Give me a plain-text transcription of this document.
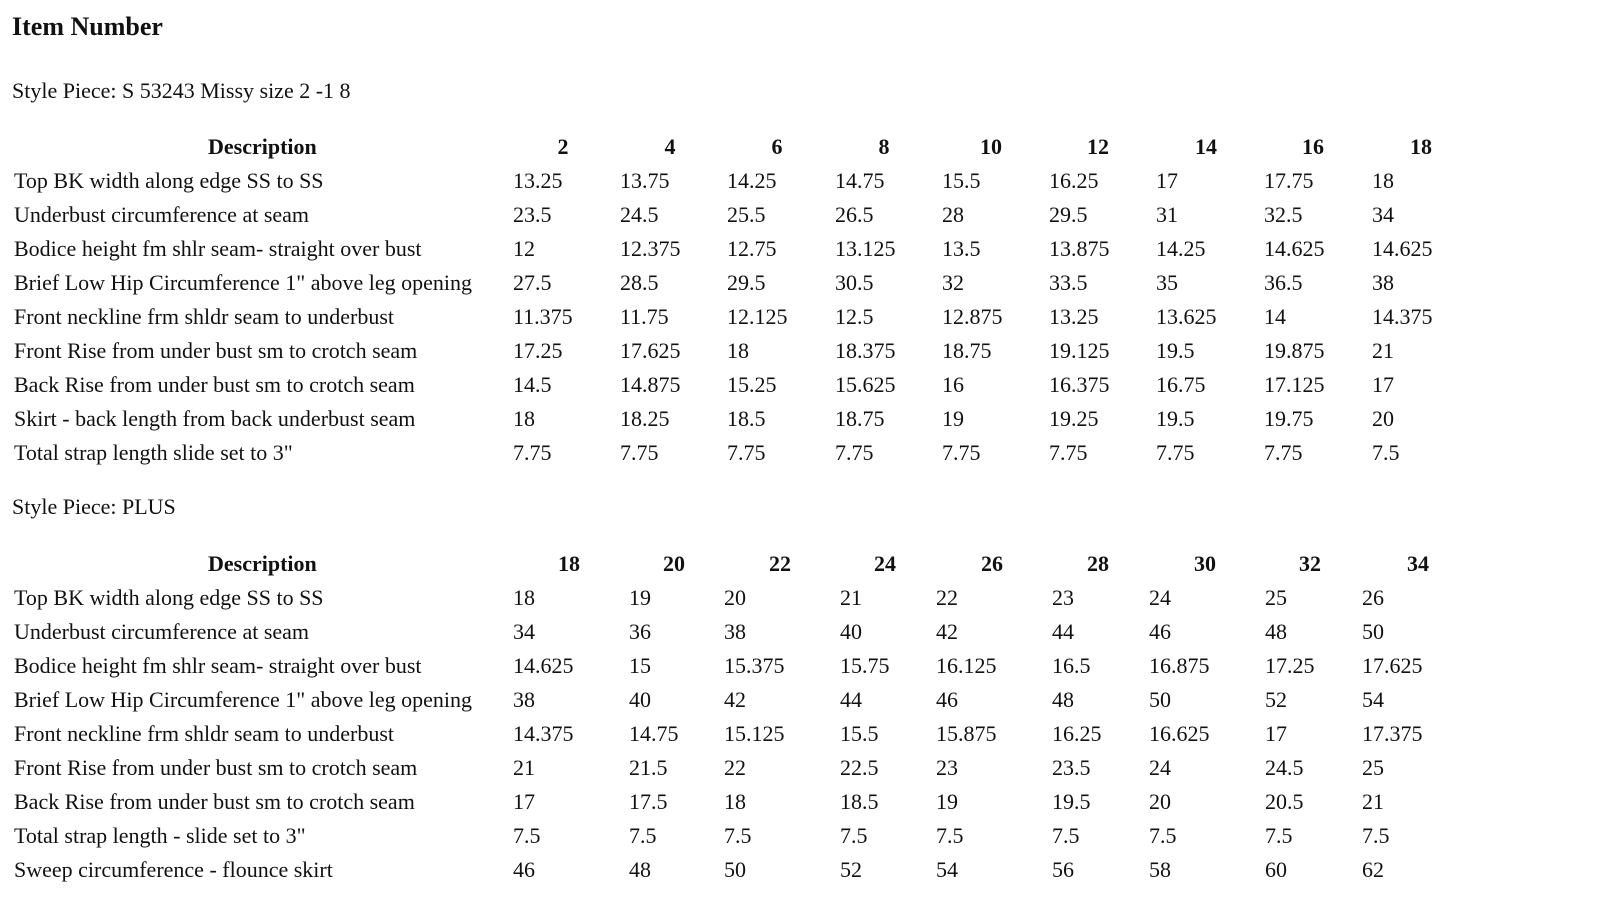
Item Number
Style Piece: S 53243 Missy size 2 -1 8
Description	2	4	6	8	10	12	14	16	18
Top BK width along edge SS to SS	13.25	13.75	14.25	14.75	15.5	16.25	17	17.75	18
Underbust circumference at seam	23.5	24.5	25.5	26.5	28	29.5	31	32.5	34
Bodice height fm shlr seam- straight over bust	12	12.375 12.75	13.125 13.5	13.875 14.25	14.625 14.625
Brief Low Hip Circumference 1" above leg opening 27.5	28.5	29.5	30.5	32	33.5	35	36.5	38
Front neckline frm shldr seam to underbust	11.375 11.75	12.125 12.5	12.875 13.25	13.625 14	14.375
Front Rise from under bust sm to crotch seam	17.25	17.625 18	18.375 18.75	19.125 19.5	19.875 21
Back Rise from under bust sm to crotch seam	14.5	14.875 15.25	15.625 16	16.375 16.75	17.125 17
Skirt - back length from back underbust seam	18	18.25	18.5	18.75	19	19.25	19.5	19.75	20
Total strap length slide set to 3"	7.75	7.75	7.75	7.75	7.75	7.75	7.75	7.75	7.5
Style Piece: PLUS
Description	18	20	22	24	26	28	30	32	34
Top BK width along edge SS to SS	18	19	20	21	22	23	24	25	26
Underbust circumference at seam	34	36	38	40	42	44	46	48	50
Bodice height fm shlr seam- straight over bust	14.625	15	15.375	15.75 16.125	16.5	16.875	17.25 17.625
Brief Low Hip Circumference 1" above leg opening 38	40	42	44	46	48	50	52	54
Front neckline frm shldr seam to underbust	14.375	14.75 15.125	15.5	15.875	16.25 16.625	17	17.375
Front Rise from under bust sm to crotch seam	21	21.5	22	22.5	23	23.5	24	24.5	25
Back Rise from under bust sm to crotch seam	17	17.5	18	18.5	19	19.5	20	20.5	21
Total strap length - slide set to 3"	7.5	7.5	7.5	7.5	7.5	7.5	7.5	7.5	7.5
Sweep circumference - flounce skirt	46	48	50	52	54	56	58	60	62
